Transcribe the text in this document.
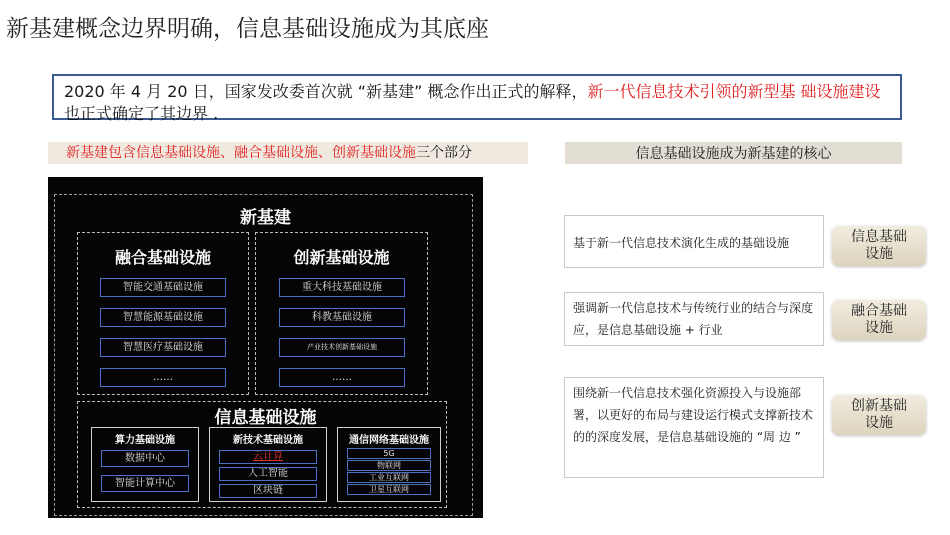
新基建概念边界明确，信息基础设施成为其底座
2020 年 4 月 20 日，国家发改委首次就 “新基建” 概念作出正式的解释，新一代信息技术引领的新型基 础设施建设也正式确定了其边界 .
新基建包含信息基础设施、融合基础设施、创新基础设施三个部分	信息基础设施成为新基建的核心
新基建
融合基础设施
智能交通基础设施
智慧能源基础设施
智慧医疗基础设施
……
创新基础设施
重大科技基础设施
科教基础设施
产业技术创新基础设施
……
信息基础设施
算力基础设施
数据中心
智能计算中心
新技术基础设施
云计算
人工智能
区块链
通信网络基础设施
5G
物联网
工业互联网
卫星互联网
基于新一代信息技术演化生成的基础设施	信息基础
设施
强调新一代信息技术与传统行业的结合与深度应，是信息基础设施 + 行业
融合基础
设施
围绕新一代信息技术强化资源投入与设施部署，以更好的布局与建设运行模式支撑新技术的的深度发展，是信息基础设施的 “周 边 ”
创新基础
设施
